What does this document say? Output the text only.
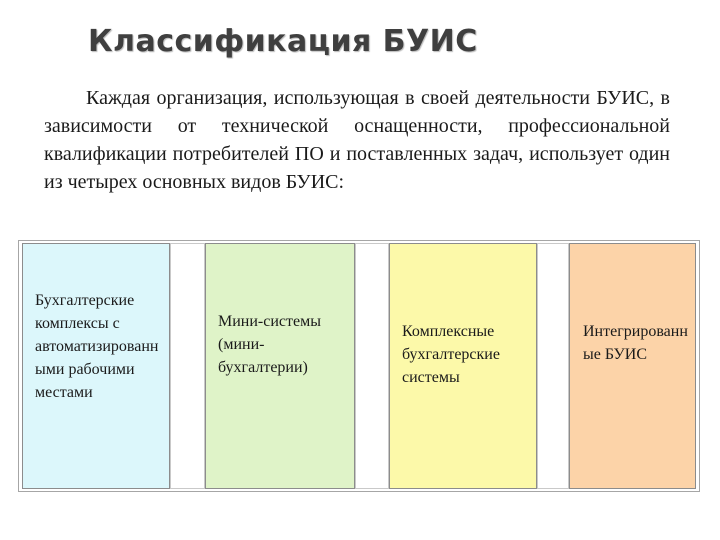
Классификация БУИС

Каждая организация, использующая в своей деятельности БУИС, в зависимости от технической оснащенности, профессиональной квалификации потребителей ПО и поставленных задач, использует один из четырех основных видов БУИС:

Бухгалтерские комплексы с автоматизированными рабочими местами
Мини-системы (мини-бухгалтерии)
Комплексные бухгалтерские системы
Интегрированные БУИС
